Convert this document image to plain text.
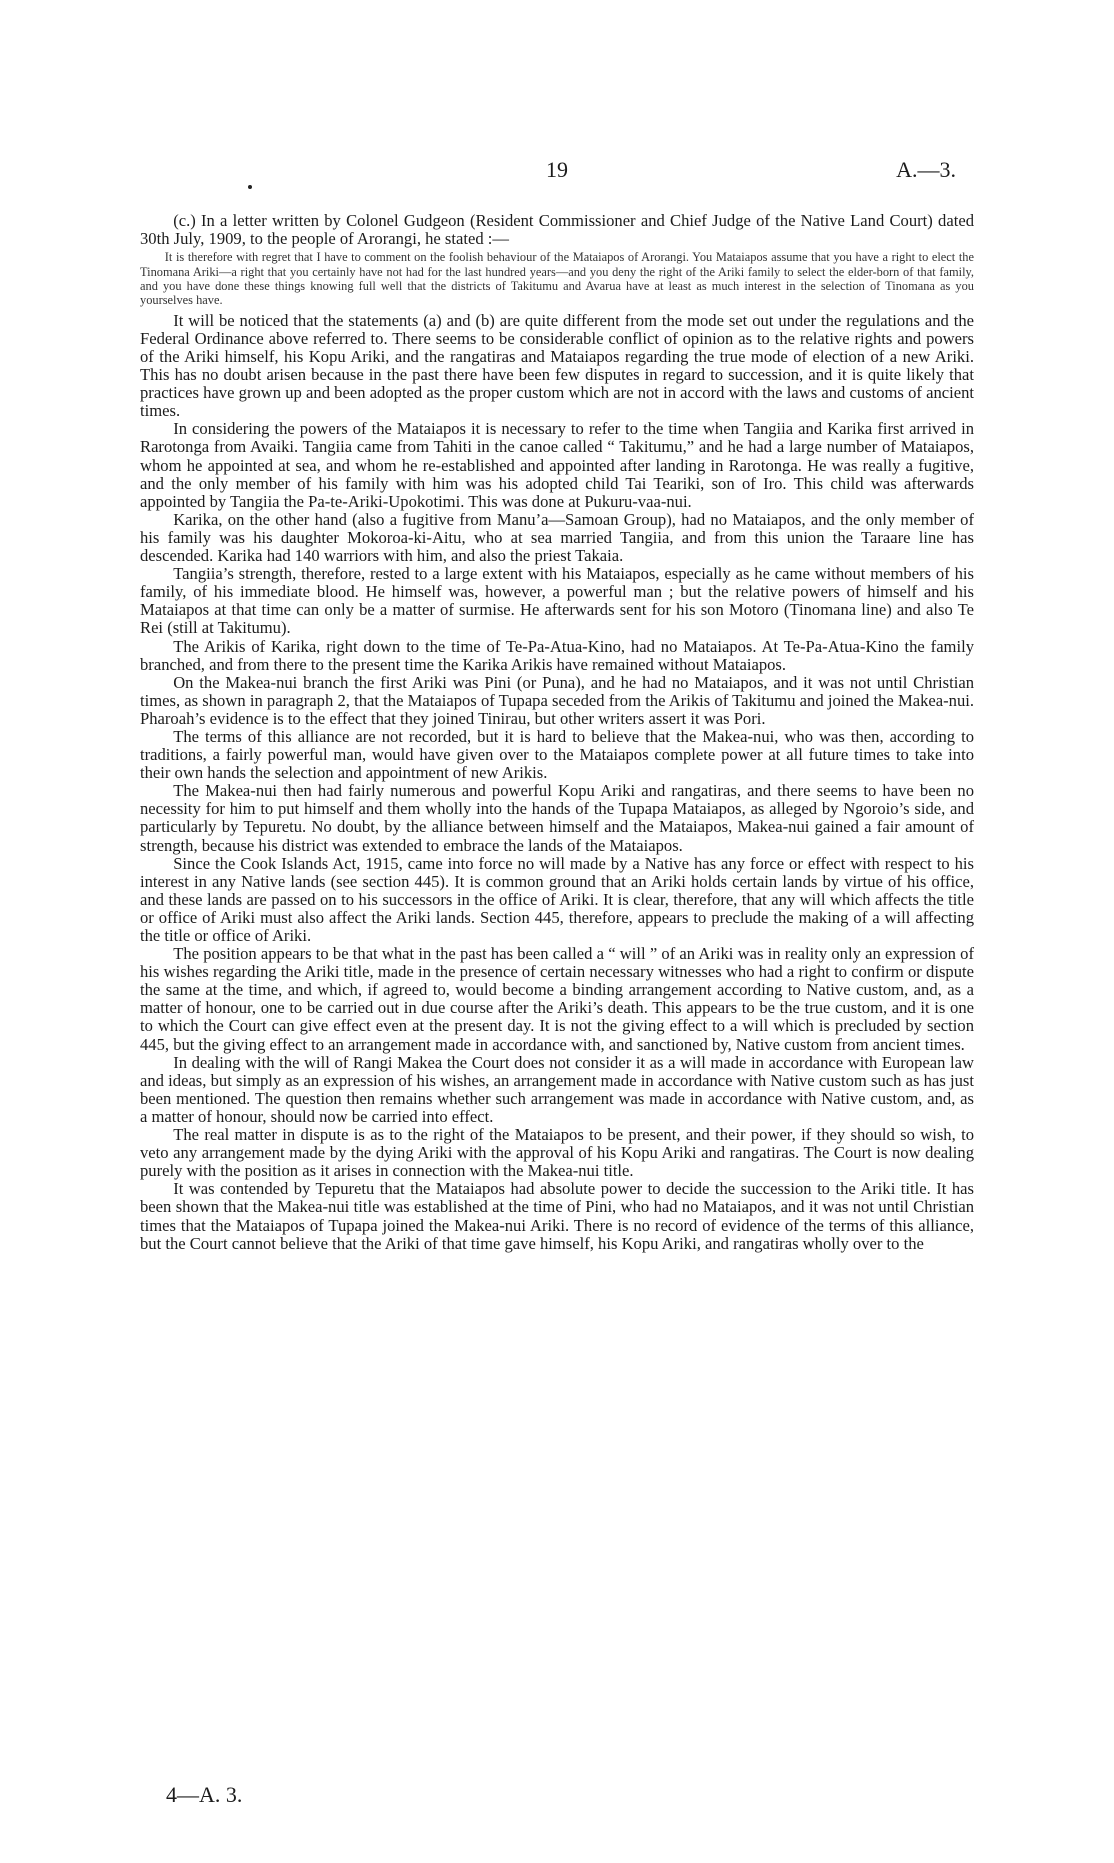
19	A.—3.

(c.) In a letter written by Colonel Gudgeon (Resident Commissioner and Chief Judge of the Native Land Court) dated 30th July, 1909, to the people of Arorangi, he stated :—

It is therefore with regret that I have to comment on the foolish behaviour of the Mataiapos of Arorangi. You Mataiapos assume that you have a right to elect the Tinomana Ariki—a right that you certainly have not had for the last hundred years—and you deny the right of the Ariki family to select the elder-born of that family, and you have done these things knowing full well that the districts of Takitumu and Avarua have at least as much interest in the selection of Tinomana as you yourselves have.

It will be noticed that the statements (a) and (b) are quite different from the mode set out under the regulations and the Federal Ordinance above referred to. There seems to be considerable conflict of opinion as to the relative rights and powers of the Ariki himself, his Kopu Ariki, and the rangatiras and Mataiapos regarding the true mode of election of a new Ariki. This has no doubt arisen because in the past there have been few disputes in regard to succession, and it is quite likely that practices have grown up and been adopted as the proper custom which are not in accord with the laws and customs of ancient times.

In considering the powers of the Mataiapos it is necessary to refer to the time when Tangiia and Karika first arrived in Rarotonga from Avaiki. Tangiia came from Tahiti in the canoe called “ Takitumu,” and he had a large number of Mataiapos, whom he appointed at sea, and whom he re-established and appointed after landing in Rarotonga. He was really a fugitive, and the only member of his family with him was his adopted child Tai Teariki, son of Iro. This child was afterwards appointed by Tangiia the Pa-te-Ariki-Upokotimi. This was done at Pukuru-vaa-nui.

Karika, on the other hand (also a fugitive from Manu’a—Samoan Group), had no Mataiapos, and the only member of his family was his daughter Mokoroa-ki-Aitu, who at sea married Tangiia, and from this union the Taraare line has descended. Karika had 140 warriors with him, and also the priest Takaia.

Tangiia’s strength, therefore, rested to a large extent with his Mataiapos, especially as he came without members of his family, of his immediate blood. He himself was, however, a powerful man ; but the relative powers of himself and his Mataiapos at that time can only be a matter of surmise. He afterwards sent for his son Motoro (Tinomana line) and also Te Rei (still at Takitumu).

The Arikis of Karika, right down to the time of Te-Pa-Atua-Kino, had no Mataiapos. At Te-Pa-Atua-Kino the family branched, and from there to the present time the Karika Arikis have remained without Mataiapos.

On the Makea-nui branch the first Ariki was Pini (or Puna), and he had no Mataiapos, and it was not until Christian times, as shown in paragraph 2, that the Mataiapos of Tupapa seceded from the Arikis of Takitumu and joined the Makea-nui. Pharoah’s evidence is to the effect that they joined Tinirau, but other writers assert it was Pori.

The terms of this alliance are not recorded, but it is hard to believe that the Makea-nui, who was then, according to traditions, a fairly powerful man, would have given over to the Mataiapos complete power at all future times to take into their own hands the selection and appointment of new Arikis.

The Makea-nui then had fairly numerous and powerful Kopu Ariki and rangatiras, and there seems to have been no necessity for him to put himself and them wholly into the hands of the Tupapa Mataiapos, as alleged by Ngoroio’s side, and particularly by Tepuretu. No doubt, by the alliance between himself and the Mataiapos, Makea-nui gained a fair amount of strength, because his district was extended to embrace the lands of the Mataiapos.

Since the Cook Islands Act, 1915, came into force no will made by a Native has any force or effect with respect to his interest in any Native lands (see section 445). It is common ground that an Ariki holds certain lands by virtue of his office, and these lands are passed on to his successors in the office of Ariki. It is clear, therefore, that any will which affects the title or office of Ariki must also affect the Ariki lands. Section 445, therefore, appears to preclude the making of a will affecting the title or office of Ariki.

The position appears to be that what in the past has been called a “ will ” of an Ariki was in reality only an expression of his wishes regarding the Ariki title, made in the presence of certain necessary witnesses who had a right to confirm or dispute the same at the time, and which, if agreed to, would become a binding arrangement according to Native custom, and, as a matter of honour, one to be carried out in due course after the Ariki’s death. This appears to be the true custom, and it is one to which the Court can give effect even at the present day. It is not the giving effect to a will which is precluded by section 445, but the giving effect to an arrangement made in accordance with, and sanctioned by, Native custom from ancient times.

In dealing with the will of Rangi Makea the Court does not consider it as a will made in accordance with European law and ideas, but simply as an expression of his wishes, an arrangement made in accordance with Native custom such as has just been mentioned. The question then remains whether such arrangement was made in accordance with Native custom, and, as a matter of honour, should now be carried into effect.

The real matter in dispute is as to the right of the Mataiapos to be present, and their power, if they should so wish, to veto any arrangement made by the dying Ariki with the approval of his Kopu Ariki and rangatiras. The Court is now dealing purely with the position as it arises in connection with the Makea-nui title.

It was contended by Tepuretu that the Mataiapos had absolute power to decide the succession to the Ariki title. It has been shown that the Makea-nui title was established at the time of Pini, who had no Mataiapos, and it was not until Christian times that the Mataiapos of Tupapa joined the Makea-nui Ariki. There is no record of evidence of the terms of this alliance, but the Court cannot believe that the Ariki of that time gave himself, his Kopu Ariki, and rangatiras wholly over to the

4—A. 3.
